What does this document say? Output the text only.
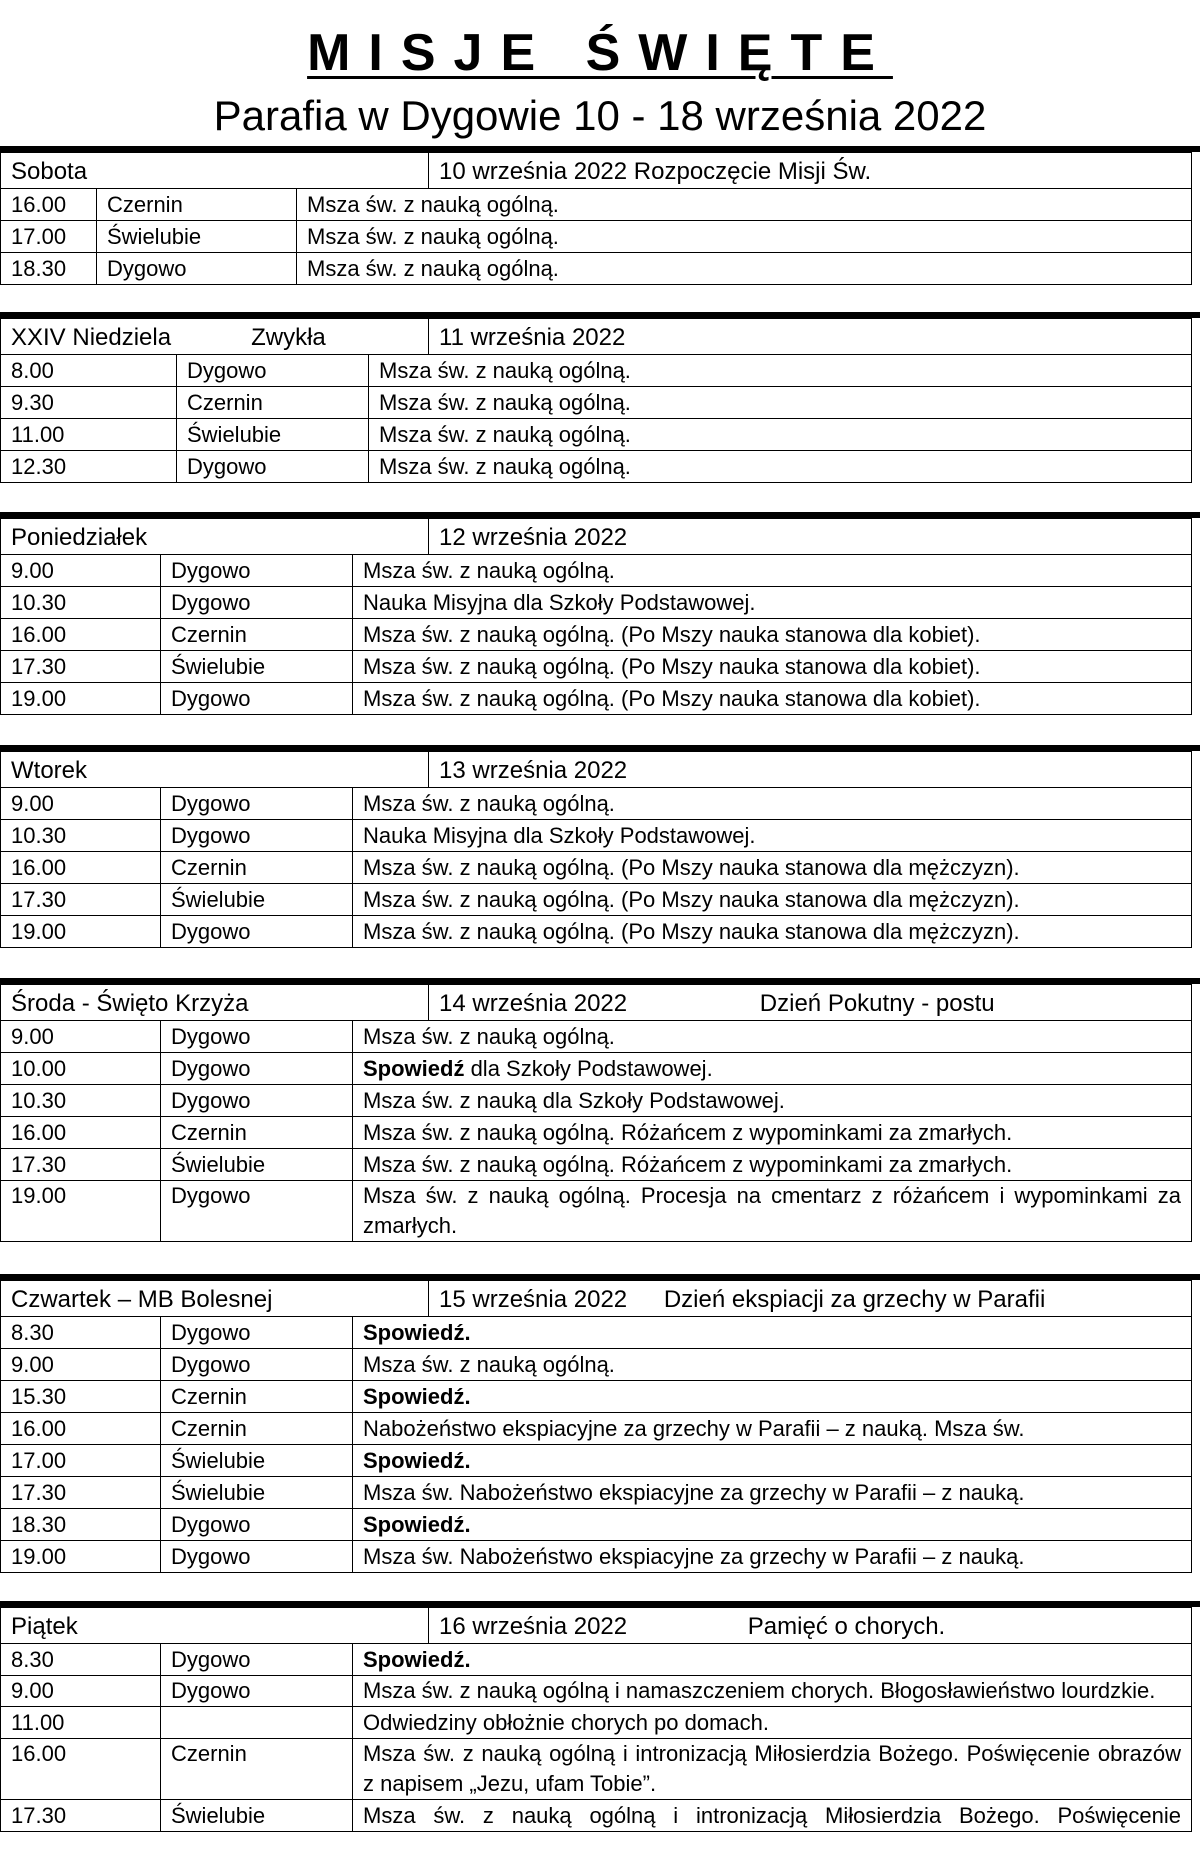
MISJE ŚWIĘTE
Parafia w Dygowie 10 - 18 września 2022
Sobota			10 września 2022 Rozpoczęcie Misji Św.
16.00	Czernin	Msza św. z nauką ogólną.	
17.00	Świelubie	Msza św. z nauką ogólną.	
18.30	Dygowo	Msza św. z nauką ogólną.	
XXIV Niedziela            Zwykła			11 września 2022
8.00	Dygowo	Msza św. z nauką ogólną.	
9.30	Czernin	Msza św. z nauką ogólną.	
11.00	Świelubie	Msza św. z nauką ogólną.	
12.30	Dygowo	Msza św. z nauką ogólną.	
Poniedziałek			12 września 2022
9.00	Dygowo	Msza św. z nauką ogólną.	
10.30	Dygowo	Nauka Misyjna dla Szkoły Podstawowej.	
16.00	Czernin	Msza św. z nauką ogólną. (Po Mszy nauka stanowa dla kobiet).	
17.30	Świelubie	Msza św. z nauką ogólną. (Po Mszy nauka stanowa dla kobiet).	
19.00	Dygowo	Msza św. z nauką ogólną. (Po Mszy nauka stanowa dla kobiet).	
Wtorek			13 września 2022
9.00	Dygowo	Msza św. z nauką ogólną.	
10.30	Dygowo	Nauka Misyjna dla Szkoły Podstawowej.	
16.00	Czernin	Msza św. z nauką ogólną. (Po Mszy nauka stanowa dla mężczyzn).	
17.30	Świelubie	Msza św. z nauką ogólną. (Po Mszy nauka stanowa dla mężczyzn).	
19.00	Dygowo	Msza św. z nauką ogólną. (Po Mszy nauka stanowa dla mężczyzn).	
Środa - Święto Krzyża			14 września 2022 Dzień Pokutny - postu
9.00	Dygowo	Msza św. z nauką ogólną.	
10.00	Dygowo	Spowiedź dla Szkoły Podstawowej.	
10.30	Dygowo	Msza św. z nauką dla Szkoły Podstawowej.	
16.00	Czernin	Msza św. z nauką ogólną. Różańcem z wypominkami za zmarłych.	
17.30	Świelubie	Msza św. z nauką ogólną. Różańcem z wypominkami za zmarłych.	
19.00	Dygowo	Msza św. z nauką ogólną. Procesja na cmentarz z różańcem i wypominkami za zmarłych.	
Czwartek – MB Bolesnej			15 września 2022 Dzień ekspiacji za grzechy w Parafii
8.30	Dygowo	Spowiedź.	
9.00	Dygowo	Msza św. z nauką ogólną.	
15.30	Czernin	Spowiedź.	
16.00	Czernin	Nabożeństwo ekspiacyjne za grzechy w Parafii – z nauką. Msza św.	
17.00	Świelubie	Spowiedź.	
17.30	Świelubie	Msza św. Nabożeństwo ekspiacyjne za grzechy w Parafii – z nauką.	
18.30	Dygowo	Spowiedź.	
19.00	Dygowo	Msza św. Nabożeństwo ekspiacyjne za grzechy w Parafii – z nauką.	
Piątek			16 września 2022 Pamięć o chorych.
8.30	Dygowo	Spowiedź.	
9.00	Dygowo	Msza św. z nauką ogólną i namaszczeniem chorych. Błogosławieństwo lourdzkie.	
11.00		Odwiedziny obłożnie chorych po domach.	
16.00	Czernin	Msza św. z nauką ogólną i intronizacją Miłosierdzia Bożego. Poświęcenie obrazów z napisem „Jezu, ufam Tobie”.	
17.30	Świelubie	Msza św. z nauką ogólną i intronizacją Miłosierdzia Bożego. Poświęcenie	
